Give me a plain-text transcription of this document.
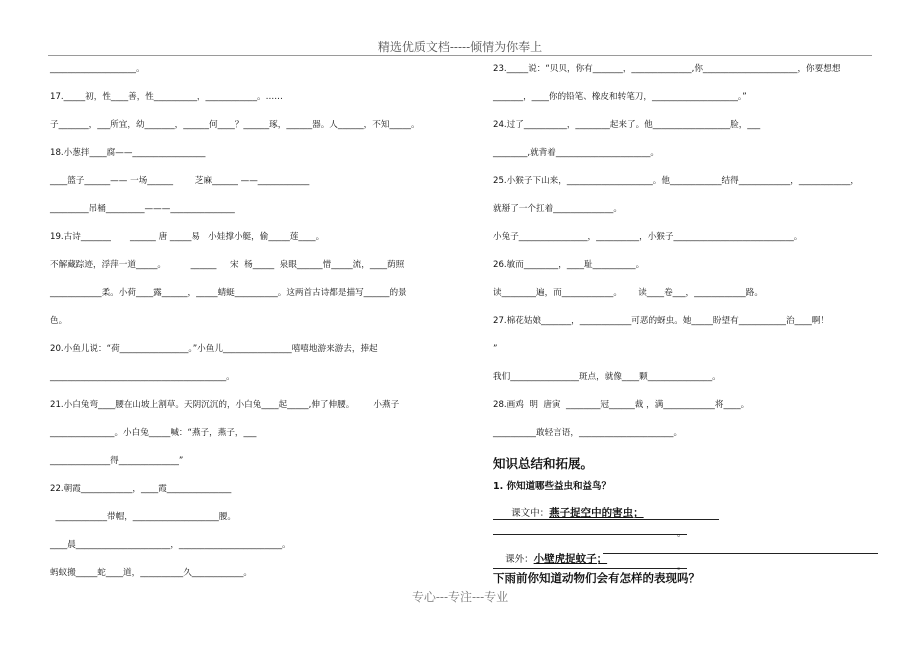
精选优质文档-----倾情为你奉上
____________________。
17._____初，性____善，性__________，____________。……
子_______，___所宜，幼_______，______何____？______琢，______器。人______，不知_____。
18.小葱拌____腐——_________________
____篮子______—— 一场______        芝麻______ ——____________
_________吊桶_________———_______________
19.古诗_______       ______ 唐 _____易   小娃撑小艇，偷_____莲____。
不解藏踪迹，浮萍一道_____。         ______     宋  杨_____  泉眼______惜_____流，____荫照
____________柔。小荷____露______，_____蜻蜓__________。这两首古诗都是描写______的景
色。
20.小鱼儿说：“荷________________。”小鱼儿________________嘻嘻地游来游去，捧起
_________________________________________。
21.小白兔弯____腰在山坡上割草。天阴沉沉的，小白兔____起_____,伸了伸腰。       小燕子
_______________。小白兔_____喊：“燕子，燕子，___
______________得______________”
22.朝霞____________，____霞_______________
____________带帽，____________________腰。
____晨______________________，________________________。
蚂蚁搬_____蛇____道，__________久____________。
23._____说：“贝贝，你有_______，______________,你______________________，你要想想
_______，____你的铅笔、橡皮和转笔刀，____________________。”
24.过了__________，________起来了。他__________________脸，___
________,就背着______________________。
25.小猴子下山来，____________________。他____________结得____________，____________，
就掰了一个扛着______________。
小兔子________________，__________，小猴子____________________________。
26.敏而________，____耻__________。
读________遍，而____________。      读____卷___，____________路。
27.棉花姑娘_______，____________可恶的蚜虫。她_____盼望有___________治____啊！
”
我们________________斑点，就像____颗_______________。
28.画鸡  明  唐寅  ________冠______裁 ，满____________将____。
__________敢轻言语，______________________。
知识总结和拓展。
1. 你知道哪些益虫和益鸟？

课文中：燕子捉空中的害虫；

。

课外：小壁虎捉蚊子；

。
下雨前你知道动物们会有怎样的表现吗？
专心---专注---专业
